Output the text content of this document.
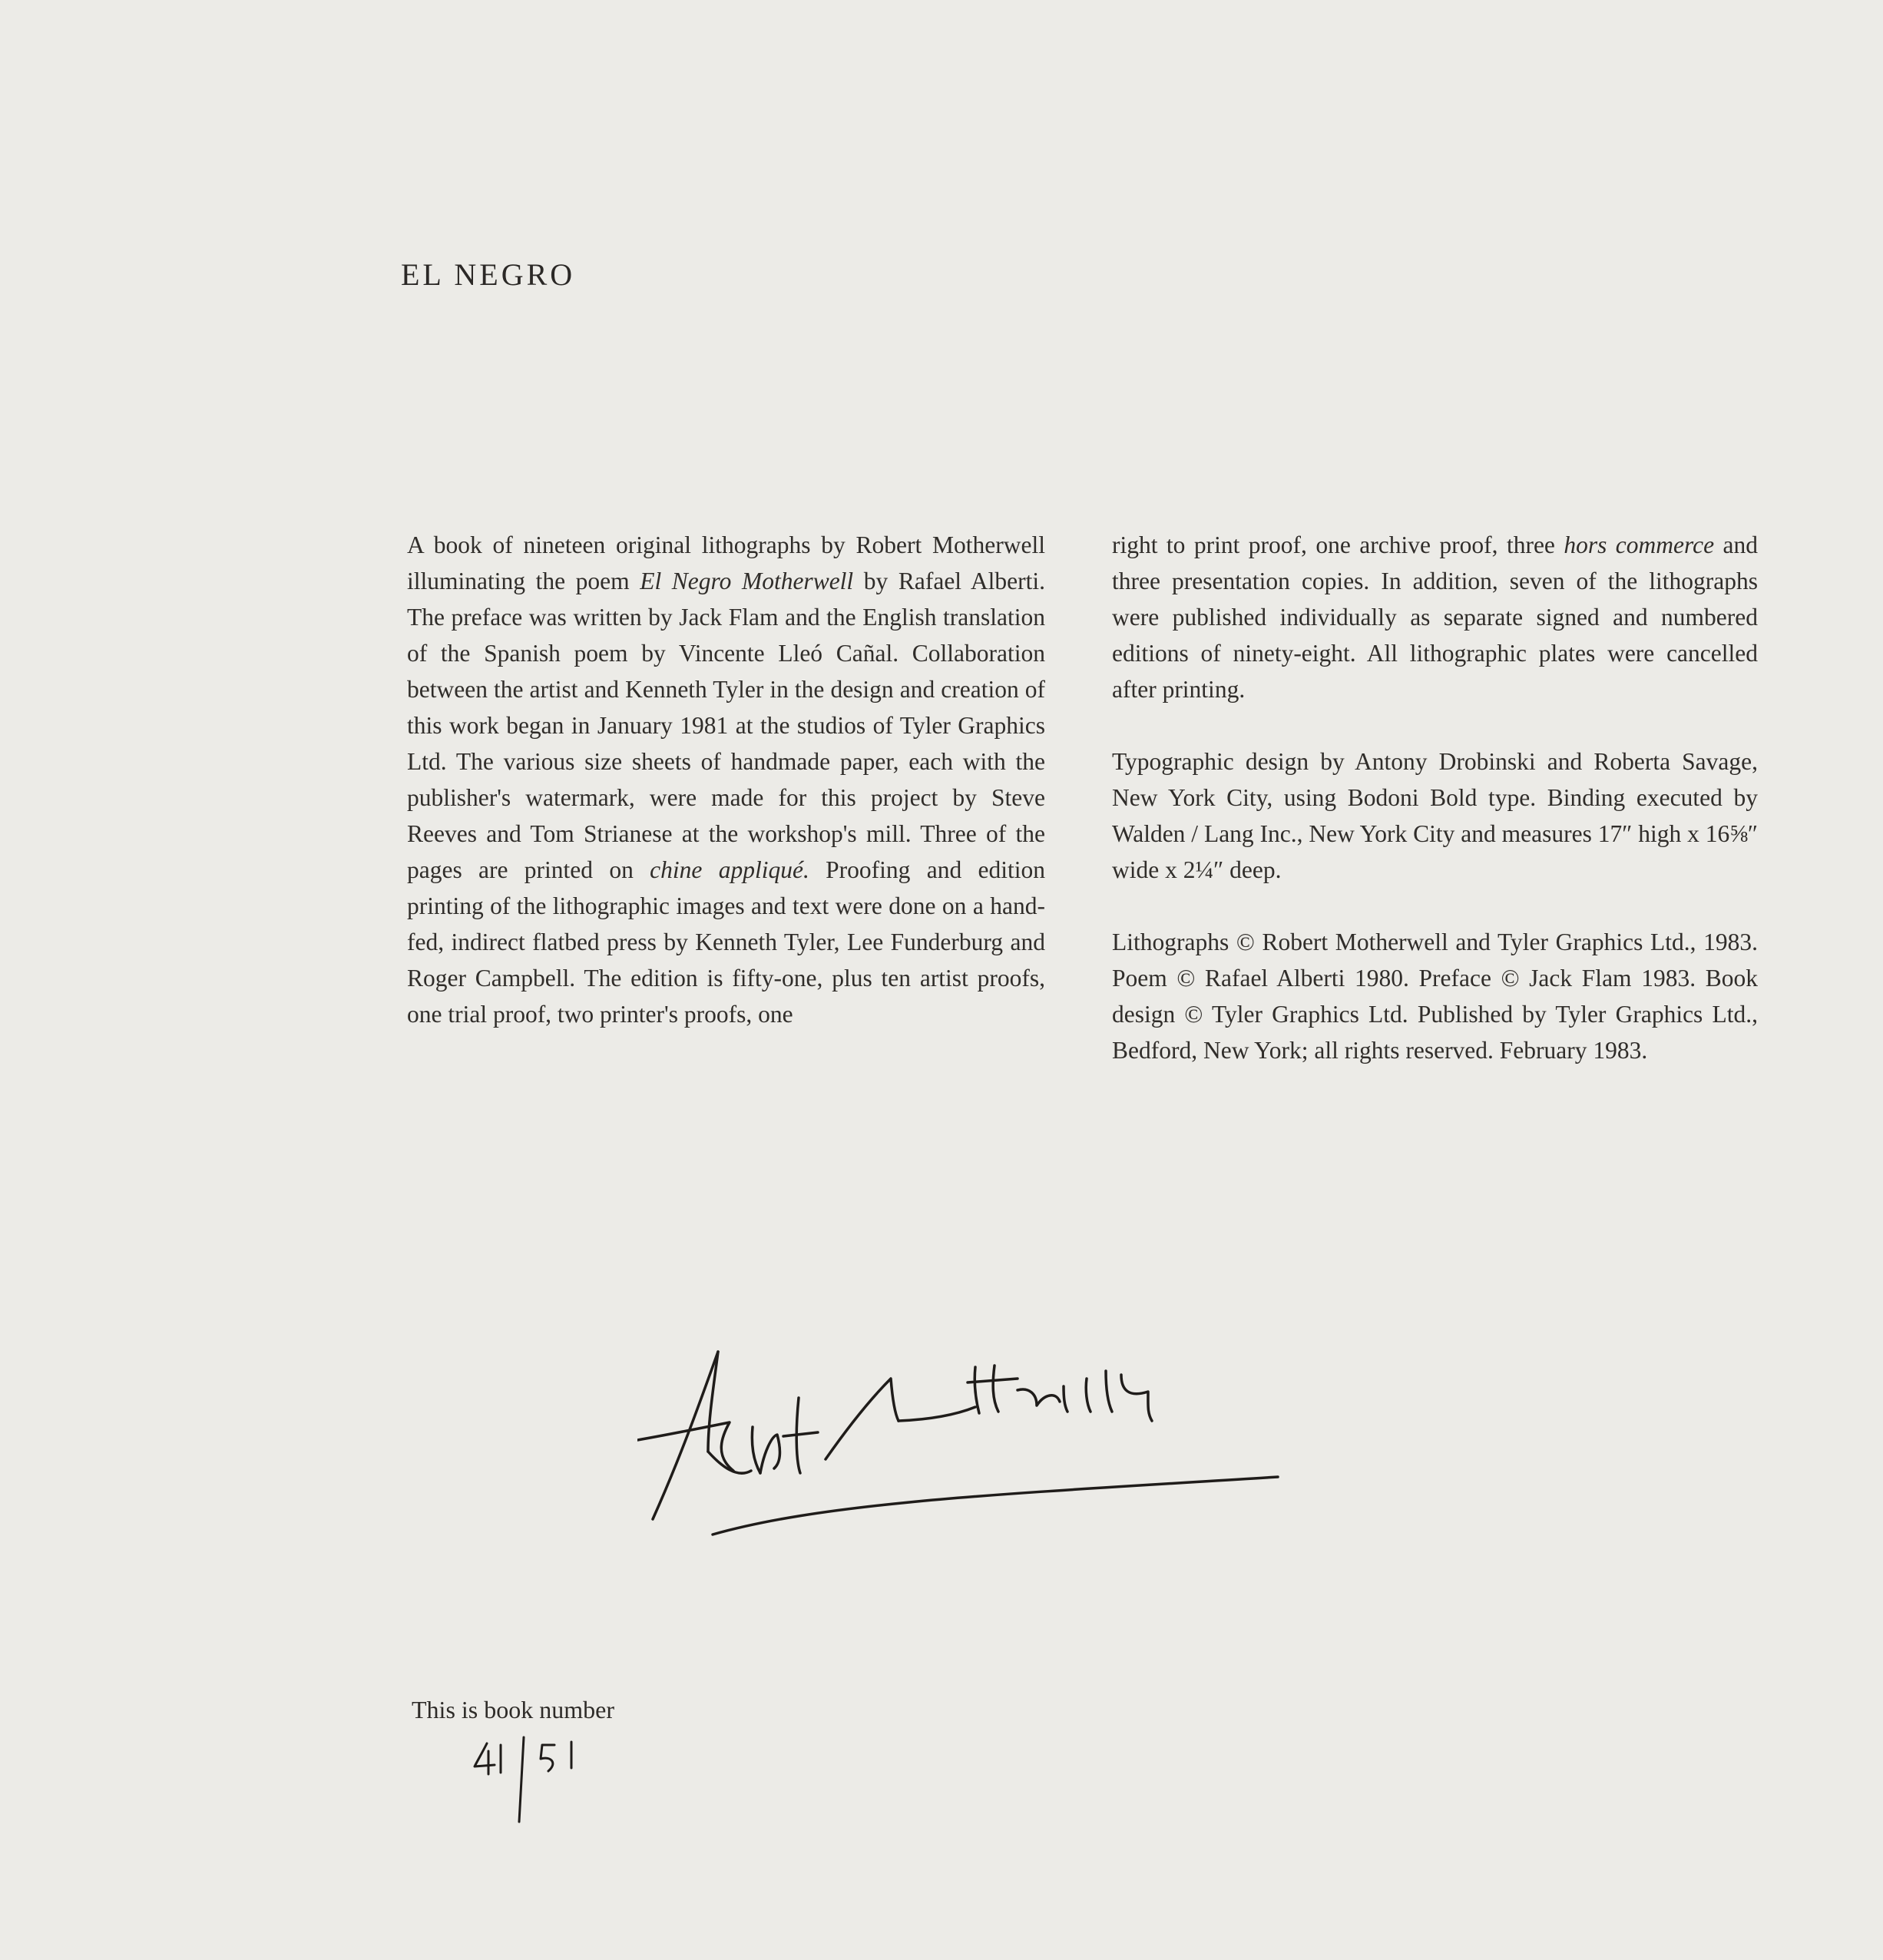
EL NEGRO

A book of nineteen original lithographs by Robert Motherwell illuminating the poem El Negro Motherwell by Rafael Alberti. The preface was written by Jack Flam and the English translation of the Spanish poem by Vincente Lleó Cañal. Collaboration between the artist and Kenneth Tyler in the design and creation of this work began in January 1981 at the studios of Tyler Graphics Ltd. The various size sheets of handmade paper, each with the publisher's watermark, were made for this project by Steve Reeves and Tom Strianese at the workshop's mill. Three of the pages are printed on chine appliqué. Proofing and edition printing of the lithographic images and text were done on a hand-fed, indirect flatbed press by Kenneth Tyler, Lee Funderburg and Roger Campbell. The edition is fifty-one, plus ten artist proofs, one trial proof, two printer's proofs, one

right to print proof, one archive proof, three hors commerce and three presentation copies. In addition, seven of the lithographs were published individually as separate signed and numbered editions of ninety-eight. All lithographic plates were cancelled after printing.

Typographic design by Antony Drobinski and Roberta Savage, New York City, using Bodoni Bold type. Binding executed by Walden / Lang Inc., New York City and measures 17″ high x 16⅝″ wide x 2¼″ deep.

Lithographs © Robert Motherwell and Tyler Graphics Ltd., 1983. Poem © Rafael Alberti 1980. Preface © Jack Flam 1983. Book design © Tyler Graphics Ltd. Published by Tyler Graphics Ltd., Bedford, New York; all rights reserved. February 1983.

This is book number
